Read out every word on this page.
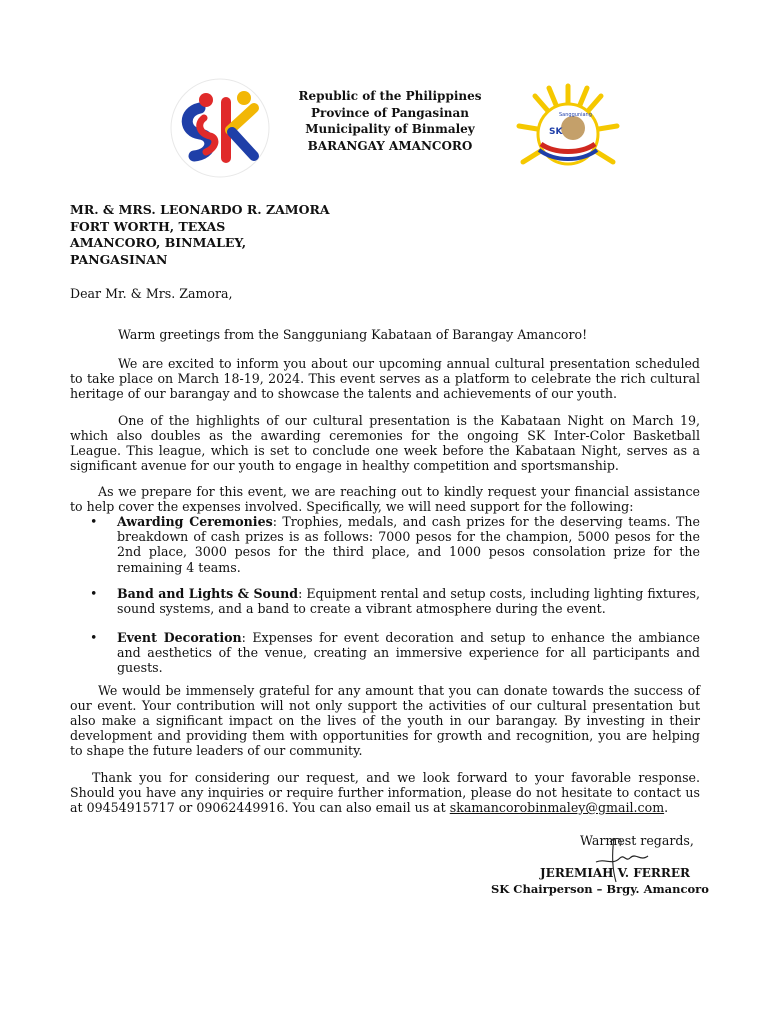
Republic of the Philippines
Province of Pangasinan
Municipality of Binmaley
BARANGAY AMANCORO
SK
Sangguniang
MR. & MRS. LEONARDO R. ZAMORA
FORT WORTH, TEXAS
AMANCORO, BINMALEY,
PANGASINAN
Dear Mr. & Mrs. Zamora,

Warm greetings from the Sangguniang Kabataan of Barangay Amancoro!

We are excited to inform you about our upcoming annual cultural presentation scheduled to take place on March 18-19, 2024. This event serves as a platform to celebrate the rich cultural heritage of our barangay and to showcase the talents and achievements of our youth.

One of the highlights of our cultural presentation is the Kabataan Night on March 19, which also doubles as the awarding ceremonies for the ongoing SK Inter-Color Basketball League. This league, which is set to conclude one week before the Kabataan Night, serves as a significant avenue for our youth to engage in healthy competition and sportsmanship.

As we prepare for this event, we are reaching out to kindly request your financial assistance to help cover the expenses involved. Specifically, we will need support for the following:

• Awarding Ceremonies: Trophies, medals, and cash prizes for the deserving teams. The breakdown of cash prizes is as follows: 7000 pesos for the champion, 5000 pesos for the 2nd place, 3000 pesos for the third place, and 1000 pesos consolation prize for the remaining 4 teams.
• Band and Lights & Sound: Equipment rental and setup costs, including lighting fixtures, sound systems, and a band to create a vibrant atmosphere during the event.
• Event Decoration: Expenses for event decoration and setup to enhance the ambiance and aesthetics of the venue, creating an immersive experience for all participants and guests.

We would be immensely grateful for any amount that you can donate towards the success of our event. Your contribution will not only support the activities of our cultural presentation but also make a significant impact on the lives of the youth in our barangay. By investing in their development and providing them with opportunities for growth and recognition, you are helping to shape the future leaders of our community.

Thank you for considering our request, and we look forward to your favorable response. Should you have any inquiries or require further information, please do not hesitate to contact us at 09454915717 or 09062449916. You can also email us at skamancorobinmaley@gmail.com.

Warmest regards,
JEREMIAH V. FERRER
SK Chairperson – Brgy. Amancoro
